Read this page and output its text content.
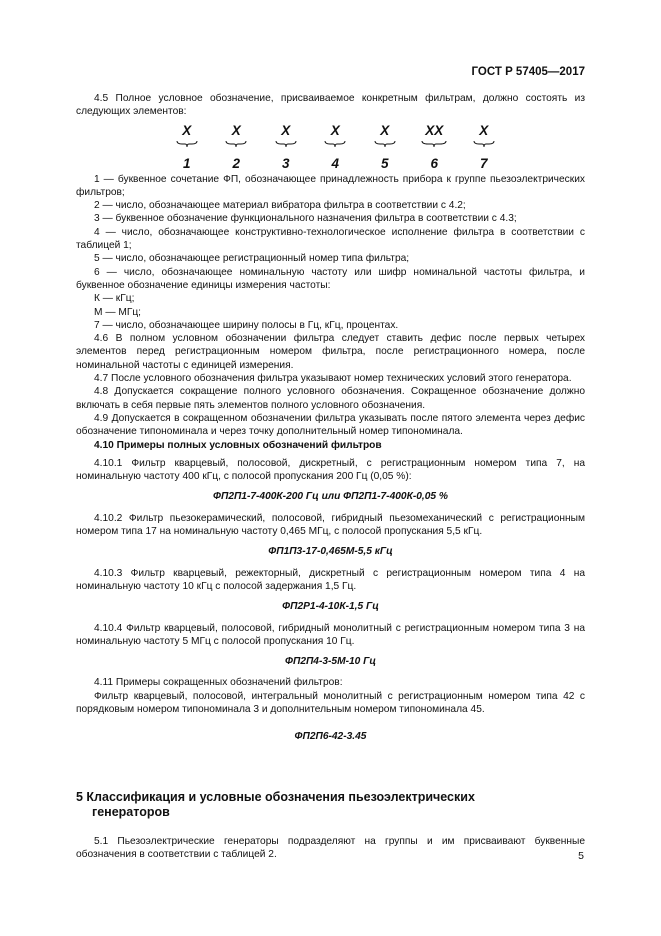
ГОСТ Р 57405—2017

4.5 Полное условное обозначение, присваиваемое конкретным фильтрам, должно состоять из следующих элементов:

X
1
X
2
X
3
X
4
X
5
XX
6
X
7

1 — буквенное сочетание ФП, обозначающее принадлежность прибора к группе пьезоэлектрических фильтров;

2 — число, обозначающее материал вибратора фильтра в соответствии с 4.2;

3 — буквенное обозначение функционального назначения фильтра в соответствии с 4.3;

4 — число, обозначающее конструктивно-технологическое исполнение фильтра в соответствии с таблицей 1;

5 — число, обозначающее регистрационный номер типа фильтра;

6 — число, обозначающее номинальную частоту или шифр номинальной частоты фильтра, и буквенное обозначение единицы измерения частоты:

К — кГц;

М — МГц;

7 — число, обозначающее ширину полосы в Гц, кГц, процентах.

4.6 В полном условном обозначении фильтра следует ставить дефис после первых четырех элементов перед регистрационным номером фильтра, после регистрационного номера, после номинальной частоты с единицей измерения.

4.7 После условного обозначения фильтра указывают номер технических условий этого генератора.

4.8 Допускается сокращение полного условного обозначения. Сокращенное обозначение должно включать в себя первые пять элементов полного условного обозначения.

4.9 Допускается в сокращенном обозначении фильтра указывать после пятого элемента через дефис обозначение типономинала и через точку дополнительный номер типономинала.

4.10 Примеры полных условных обозначений фильтров

4.10.1 Фильтр кварцевый, полосовой, дискретный, с регистрационным номером типа 7, на номинальную частоту 400 кГц, с полосой пропускания 200 Гц (0,05 %):

ФП2П1-7-400К-200 Гц или ФП2П1-7-400К-0,05 %

4.10.2 Фильтр пьезокерамический, полосовой, гибридный пьезомеханический с регистрационным номером типа 17 на номинальную частоту 0,465 МГц, с полосой пропускания 5,5 кГц.

ФП1П3-17-0,465М-5,5 кГц

4.10.3 Фильтр кварцевый, режекторный, дискретный с регистрационным номером типа 4 на номинальную частоту 10 кГц с полосой задержания 1,5 Гц.

ФП2Р1-4-10К-1,5 Гц

4.10.4 Фильтр кварцевый, полосовой, гибридный монолитный с регистрационным номером типа 3 на номинальную частоту 5 МГц с полосой пропускания 10 Гц.

ФП2П4-3-5М-10 Гц

4.11 Примеры сокращенных обозначений фильтров:

Фильтр кварцевый, полосовой, интегральный монолитный с регистрационным номером типа 42 с порядковым номером типономинала 3 и дополнительным номером типономинала 45.

ФП2П6-42-3.45

5 Классификация и условные обозначения пьезоэлектрических

генераторов

5.1 Пьезоэлектрические генераторы подразделяют на группы и им присваивают буквенные обозначения в соответствии с таблицей 2.	5
